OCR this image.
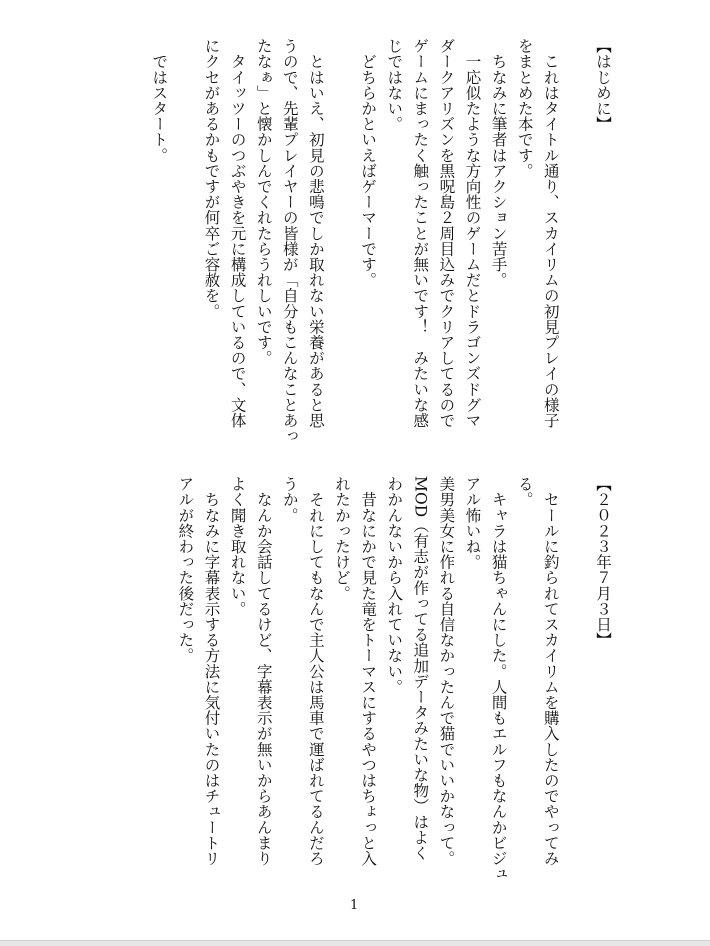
【はじめに】
　これはタイトル通り、スカイリムの初見プレイの様子
をまとめた本です。
　ちなみに筆者はアクション苦手。
　一応似たような方向性のゲームだとドラゴンズドグマ
ダークアリズンを黒呪島２周目込みでクリアしてるので
ゲームにまったく触ったことが無いです！　みたいな感
じではない。
　どちらかといえばゲーマーです。
　とはいえ、初見の悲鳴でしか取れない栄養があると思
うので、先輩プレイヤーの皆様が「自分もこんなことあっ
たなぁ」と懐かしんでくれたらうれしいです。
　タイッツーのつぶやきを元に構成しているので、文体
にクセがあるかもですが何卒ご容赦を。
　ではスタート。
【２０２３年７月３日】
　セールに釣られてスカイリムを購入したのでやってみ
る。
　キャラは猫ちゃんにした。人間もエルフもなんかビジュ
アル怖いね。
美男美女に作れる自信なかったんで猫でいいかなって。
MOD（有志が作ってる追加データみたいな物）はよく
わかんないから入れていない。
　昔なにかで見た竜をトーマスにするやつはちょっと入
れたかったけど。
　それにしてもなんで主人公は馬車で運ばれてるんだろ
うか。
　なんか会話してるけど、字幕表示が無いからあんまり
よく聞き取れない。
　ちなみに字幕表示する方法に気付いたのはチュートリ
アルが終わった後だった。
1
